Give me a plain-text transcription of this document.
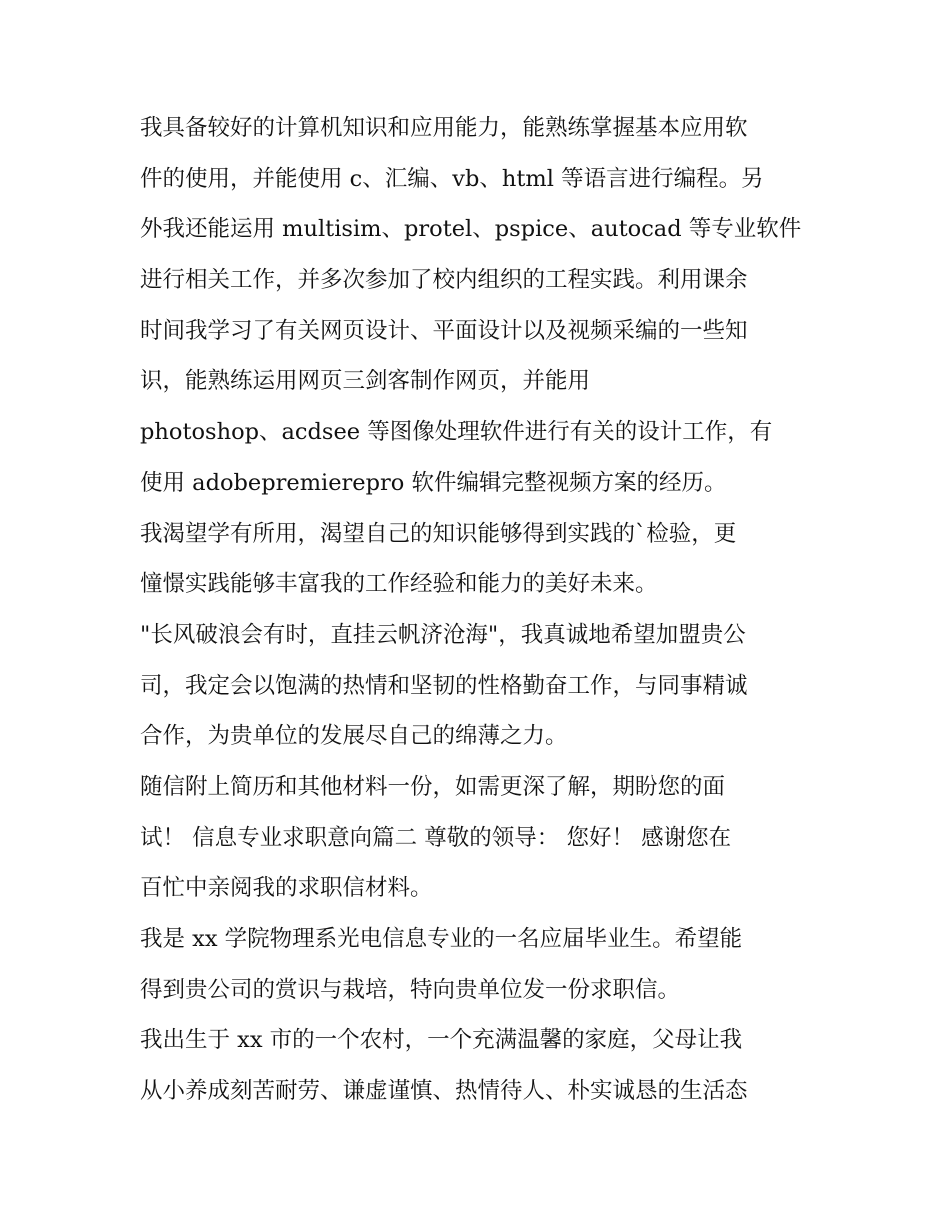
我具备较好的计算机知识和应用能力，能熟练掌握基本应用软
件的使用，并能使用 c、汇编、vb、html 等语言进行编程。另
外我还能运用 multisim、protel、pspice、autocad 等专业软件
进行相关工作，并多次参加了校内组织的工程实践。利用课余
时间我学习了有关网页设计、平面设计以及视频采编的一些知
识，能熟练运用网页三剑客制作网页，并能用
photoshop、acdsee 等图像处理软件进行有关的设计工作，有
使用 adobepremierepro 软件编辑完整视频方案的经历。
我渴望学有所用，渴望自己的知识能够得到实践的`检验，更
憧憬实践能够丰富我的工作经验和能力的美好未来。
"长风破浪会有时，直挂云帆济沧海"，我真诚地希望加盟贵公
司，我定会以饱满的热情和坚韧的性格勤奋工作，与同事精诚
合作，为贵单位的发展尽自己的绵薄之力。
随信附上简历和其他材料一份，如需更深了解，期盼您的面
试！ 信息专业求职意向篇二 尊敬的领导： 您好！ 感谢您在
百忙中亲阅我的求职信材料。
我是 xx 学院物理系光电信息专业的一名应届毕业生。希望能
得到贵公司的赏识与栽培，特向贵单位发一份求职信。
我出生于 xx 市的一个农村，一个充满温馨的家庭，父母让我
从小养成刻苦耐劳、谦虚谨慎、热情待人、朴实诚恳的生活态
